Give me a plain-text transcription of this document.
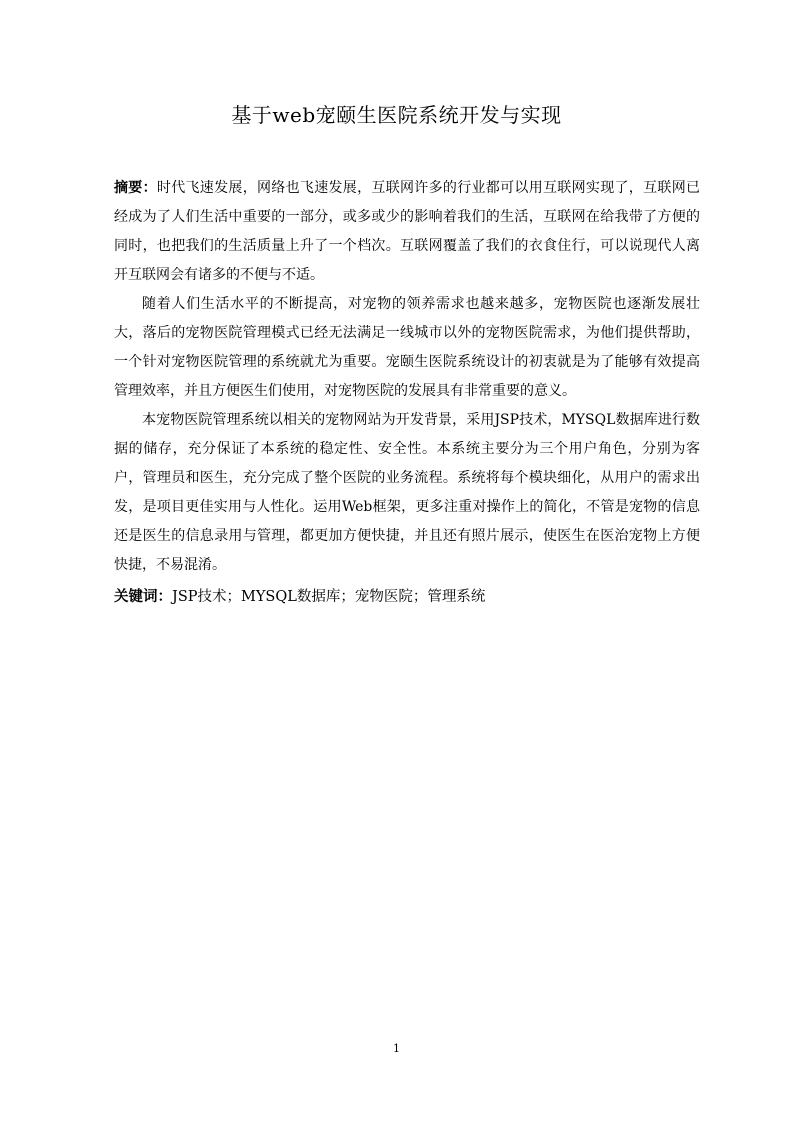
基于web宠颐生医院系统开发与实现

摘要：时代飞速发展，网络也飞速发展，互联网许多的行业都可以用互联网实现了，互联网已经成为了人们生活中重要的一部分，或多或少的影响着我们的生活，互联网在给我带了方便的同时，也把我们的生活质量上升了一个档次。互联网覆盖了我们的衣食住行，可以说现代人离开互联网会有诸多的不便与不适。

随着人们生活水平的不断提高，对宠物的领养需求也越来越多，宠物医院也逐渐发展壮大，落后的宠物医院管理模式已经无法满足一线城市以外的宠物医院需求，为他们提供帮助，一个针对宠物医院管理的系统就尤为重要。宠颐生医院系统设计的初衷就是为了能够有效提高管理效率，并且方便医生们使用，对宠物医院的发展具有非常重要的意义。

本宠物医院管理系统以相关的宠物网站为开发背景，采用JSP技术，MYSQL数据库进行数据的储存，充分保证了本系统的稳定性、安全性。本系统主要分为三个用户角色，分别为客户，管理员和医生，充分完成了整个医院的业务流程。系统将每个模块细化，从用户的需求出发，是项目更佳实用与人性化。运用Web框架，更多注重对操作上的简化，不管是宠物的信息还是医生的信息录用与管理，都更加方便快捷，并且还有照片展示，使医生在医治宠物上方便快捷，不易混淆。

关键词：JSP技术；MYSQL数据库；宠物医院；管理系统

1
